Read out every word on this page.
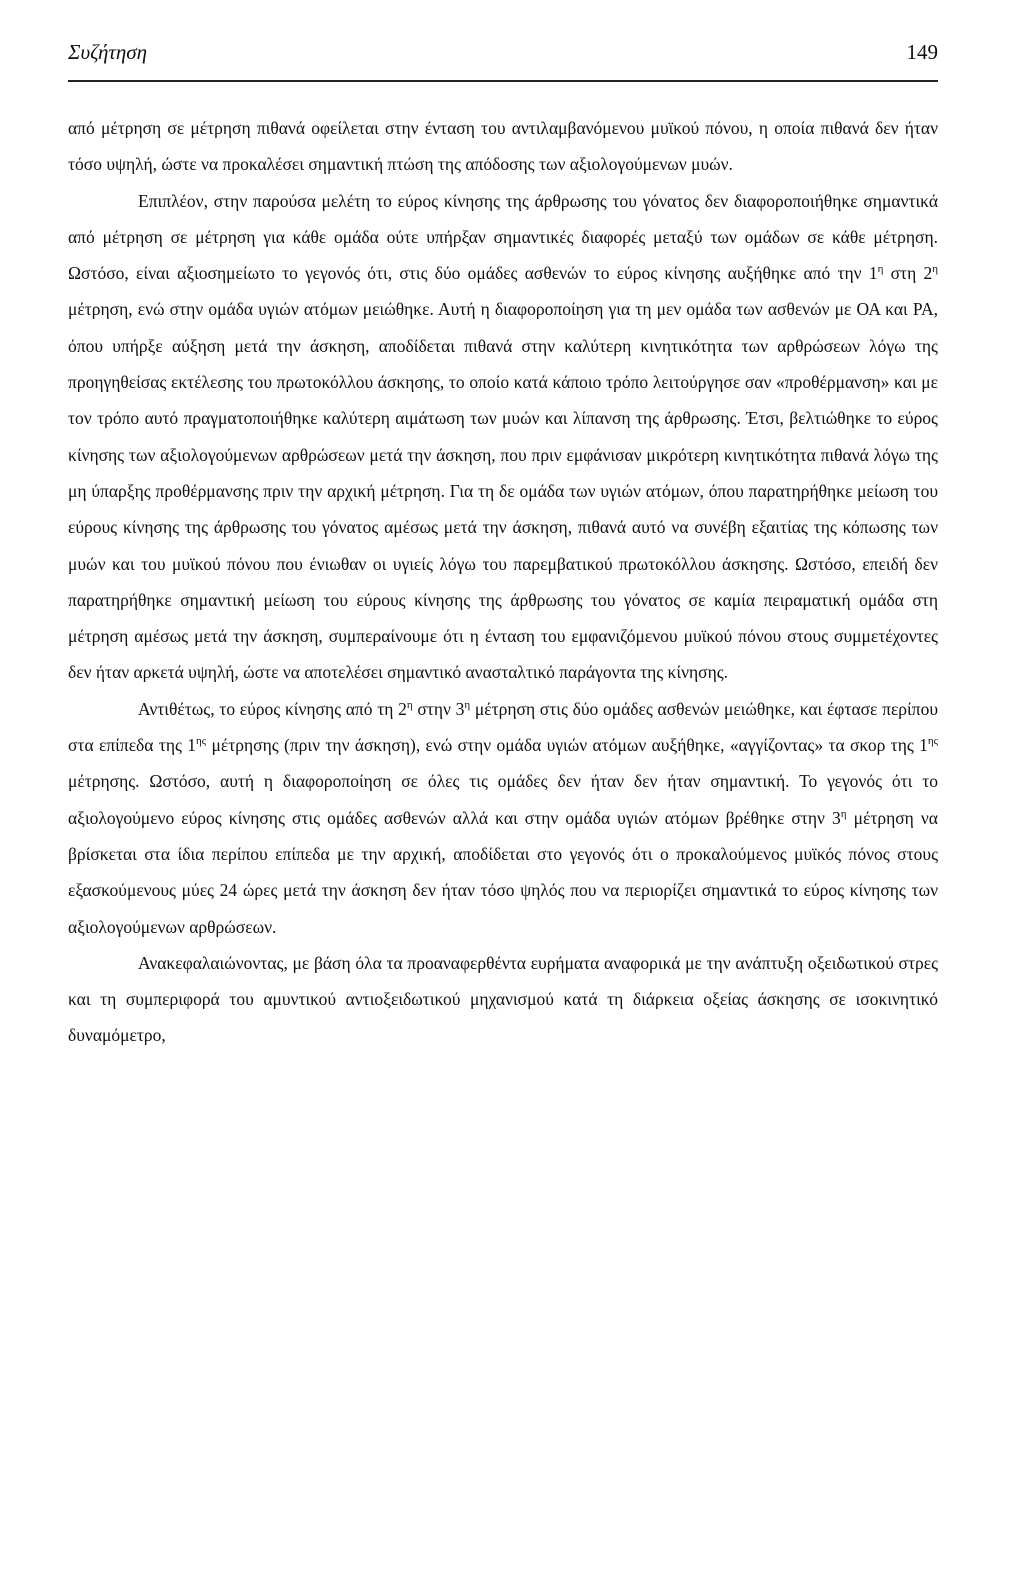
Συζήτηση	149

από μέτρηση σε μέτρηση πιθανά οφείλεται στην ένταση του αντιλαμβανόμενου μυϊκού πόνου, η οποία πιθανά δεν ήταν τόσο υψηλή, ώστε να προκαλέσει σημαντική πτώση της απόδοσης των αξιολογούμενων μυών.

Επιπλέον, στην παρούσα μελέτη το εύρος κίνησης της άρθρωσης του γόνατος δεν διαφοροποιήθηκε σημαντικά από μέτρηση σε μέτρηση για κάθε ομάδα ούτε υπήρξαν σημαντικές διαφορές μεταξύ των ομάδων σε κάθε μέτρηση. Ωστόσο, είναι αξιοσημείωτο το γεγονός ότι, στις δύο ομάδες ασθενών το εύρος κίνησης αυξήθηκε από την $1^\eta$ στη $2^\eta$ μέτρηση, ενώ στην ομάδα υγιών ατόμων μειώθηκε. Αυτή η διαφοροποίηση για τη μεν ομάδα των ασθενών με ΟΑ και ΡΑ, όπου υπήρξε αύξηση μετά την άσκηση, αποδίδεται πιθανά στην καλύτερη κινητικότητα των αρθρώσεων λόγω της προηγηθείσας εκτέλεσης του πρωτοκόλλου άσκησης, το οποίο κατά κάποιο τρόπο λειτούργησε σαν «προθέρμανση» και με τον τρόπο αυτό πραγματοποιήθηκε καλύτερη αιμάτωση των μυών και λίπανση της άρθρωσης. Έτσι, βελτιώθηκε το εύρος κίνησης των αξιολογούμενων αρθρώσεων μετά την άσκηση, που πριν εμφάνισαν μικρότερη κινητικότητα πιθανά λόγω της μη ύπαρξης προθέρμανσης πριν την αρχική μέτρηση. Για τη δε ομάδα των υγιών ατόμων, όπου παρατηρήθηκε μείωση του εύρους κίνησης της άρθρωσης του γόνατος αμέσως μετά την άσκηση, πιθανά αυτό να συνέβη εξαιτίας της κόπωσης των μυών και του μυϊκού πόνου που ένιωθαν οι υγιείς λόγω του παρεμβατικού πρωτοκόλλου άσκησης. Ωστόσο, επειδή δεν παρατηρήθηκε σημαντική μείωση του εύρους κίνησης της άρθρωσης του γόνατος σε καμία πειραματική ομάδα στη μέτρηση αμέσως μετά την άσκηση, συμπεραίνουμε ότι η ένταση του εμφανιζόμενου μυϊκού πόνου στους συμμετέχοντες δεν ήταν αρκετά υψηλή, ώστε να αποτελέσει σημαντικό ανασταλτικό παράγοντα της κίνησης.

Αντιθέτως, το εύρος κίνησης από τη $2^\eta$ στην $3^\eta$ μέτρηση στις δύο ομάδες ασθενών μειώθηκε, και έφτασε περίπου στα επίπεδα της $1^{\eta\varsigma}$ μέτρησης (πριν την άσκηση), ενώ στην ομάδα υγιών ατόμων αυξήθηκε, «αγγίζοντας» τα σκορ της $1^{\eta\varsigma}$ μέτρησης. Ωστόσο, αυτή η διαφοροποίηση σε όλες τις ομάδες δεν ήταν δεν ήταν σημαντική. Το γεγονός ότι το αξιολογούμενο εύρος κίνησης στις ομάδες ασθενών αλλά και στην ομάδα υγιών ατόμων βρέθηκε στην $3^\eta$ μέτρηση να βρίσκεται στα ίδια περίπου επίπεδα με την αρχική, αποδίδεται στο γεγονός ότι ο προκαλούμενος μυϊκός πόνος στους εξασκούμενους μύες 24 ώρες μετά την άσκηση δεν ήταν τόσο ψηλός που να περιορίζει σημαντικά το εύρος κίνησης των αξιολογούμενων αρθρώσεων.

Ανακεφαλαιώνοντας, με βάση όλα τα προαναφερθέντα ευρήματα αναφορικά με την ανάπτυξη οξειδωτικού στρες και τη συμπεριφορά του αμυντικού αντιοξειδωτικού μηχανισμού κατά τη διάρκεια οξείας άσκησης σε ισοκινητικό δυναμόμετρο,
